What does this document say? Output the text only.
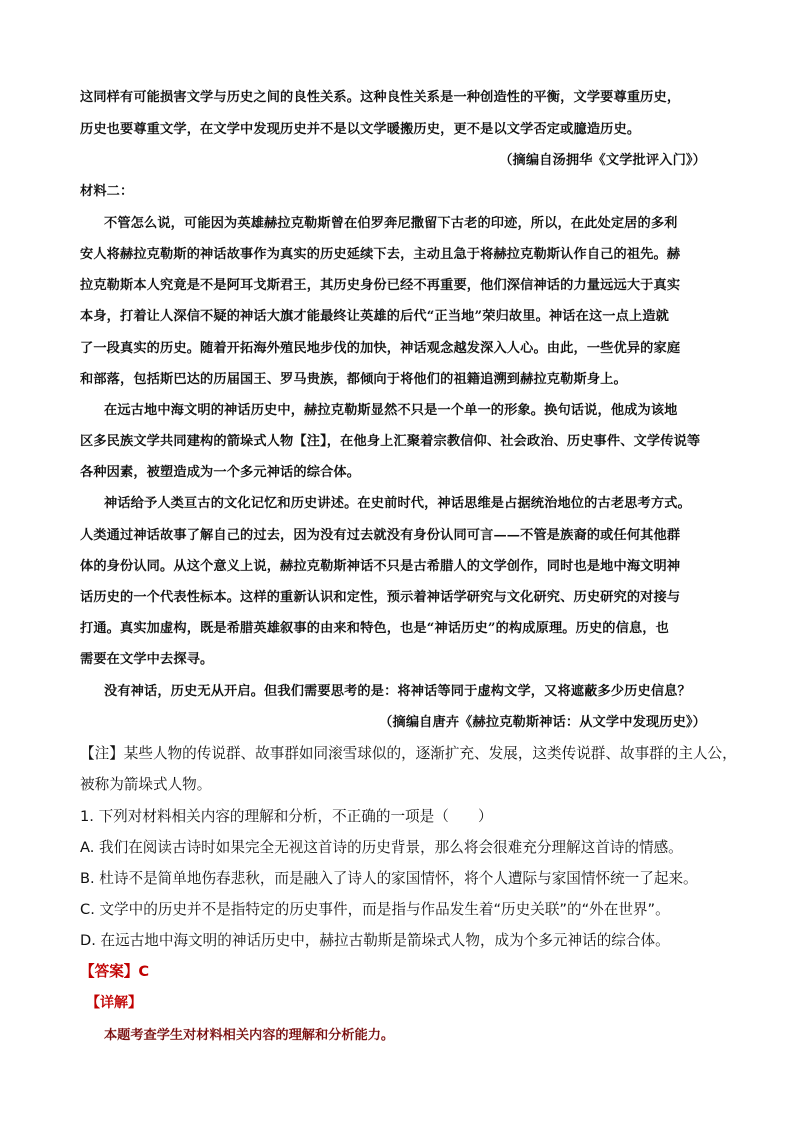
这同样有可能损害文学与历史之间的良性关系。这种良性关系是一种创造性的平衡，文学要尊重历史，
历史也要尊重文学，在文学中发现历史并不是以文学暖搬历史，更不是以文学否定或臆造历史。
（摘编自汤拥华《文学批评入门》）
材料二：
不管怎么说，可能因为英雄赫拉克勒斯曾在伯罗奔尼撒留下古老的印迹，所以，在此处定居的多利
安人将赫拉克勒斯的神话故事作为真实的历史延续下去，主动且急于将赫拉克勒斯认作自己的祖先。赫
拉克勒斯本人究竟是不是阿耳戈斯君王，其历史身份已经不再重要，他们深信神话的力量远远大于真实
本身，打着让人深信不疑的神话大旗才能最终让英雄的后代“正当地”荣归故里。神话在这一点上造就
了一段真实的历史。随着开拓海外殖民地步伐的加快，神话观念越发深入人心。由此，一些优异的家庭
和部落，包括斯巴达的历届国王、罗马贵族，都倾向于将他们的祖籍追溯到赫拉克勒斯身上。
在远古地中海文明的神话历史中，赫拉克勒斯显然不只是一个单一的形象。换句话说，他成为该地
区多民族文学共同建构的箭垛式人物【注】，在他身上汇聚着宗教信仰、社会政治、历史事件、文学传说等
各种因素，被塑造成为一个多元神话的综合体。
神话给予人类亘古的文化记忆和历史讲述。在史前时代，神话思维是占据统治地位的古老思考方式。
人类通过神话故事了解自己的过去，因为没有过去就没有身份认同可言——不管是族裔的或任何其他群
体的身份认同。从这个意义上说，赫拉克勒斯神话不只是古希腊人的文学创作，同时也是地中海文明神
话历史的一个代表性标本。这样的重新认识和定性，预示着神话学研究与文化研究、历史研究的对接与
打通。真实加虚构，既是希腊英雄叙事的由来和特色，也是“神话历史”的构成原理。历史的信息，也
需要在文学中去探寻。
没有神话，历史无从开启。但我们需要思考的是：将神话等同于虚构文学，又将遮蔽多少历史信息？
（摘编自唐卉《赫拉克勒斯神话：从文学中发现历史》）
【注】某些人物的传说群、故事群如同滚雪球似的，逐渐扩充、发展，这类传说群、故事群的主人公，
被称为箭垛式人物。
1. 下列对材料相关内容的理解和分析，不正确的一项是（　　）
A. 我们在阅读古诗时如果完全无视这首诗的历史背景，那么将会很难充分理解这首诗的情感。
B. 杜诗不是简单地伤春悲秋，而是融入了诗人的家国情怀，将个人遭际与家国情怀统一了起来。
C. 文学中的历史并不是指特定的历史事件，而是指与作品发生着“历史关联”的“外在世界”。
D. 在远古地中海文明的神话历史中，赫拉古勒斯是箭垛式人物，成为个多元神话的综合体。
【答案】C
【详解】
本题考查学生对材料相关内容的理解和分析能力。
